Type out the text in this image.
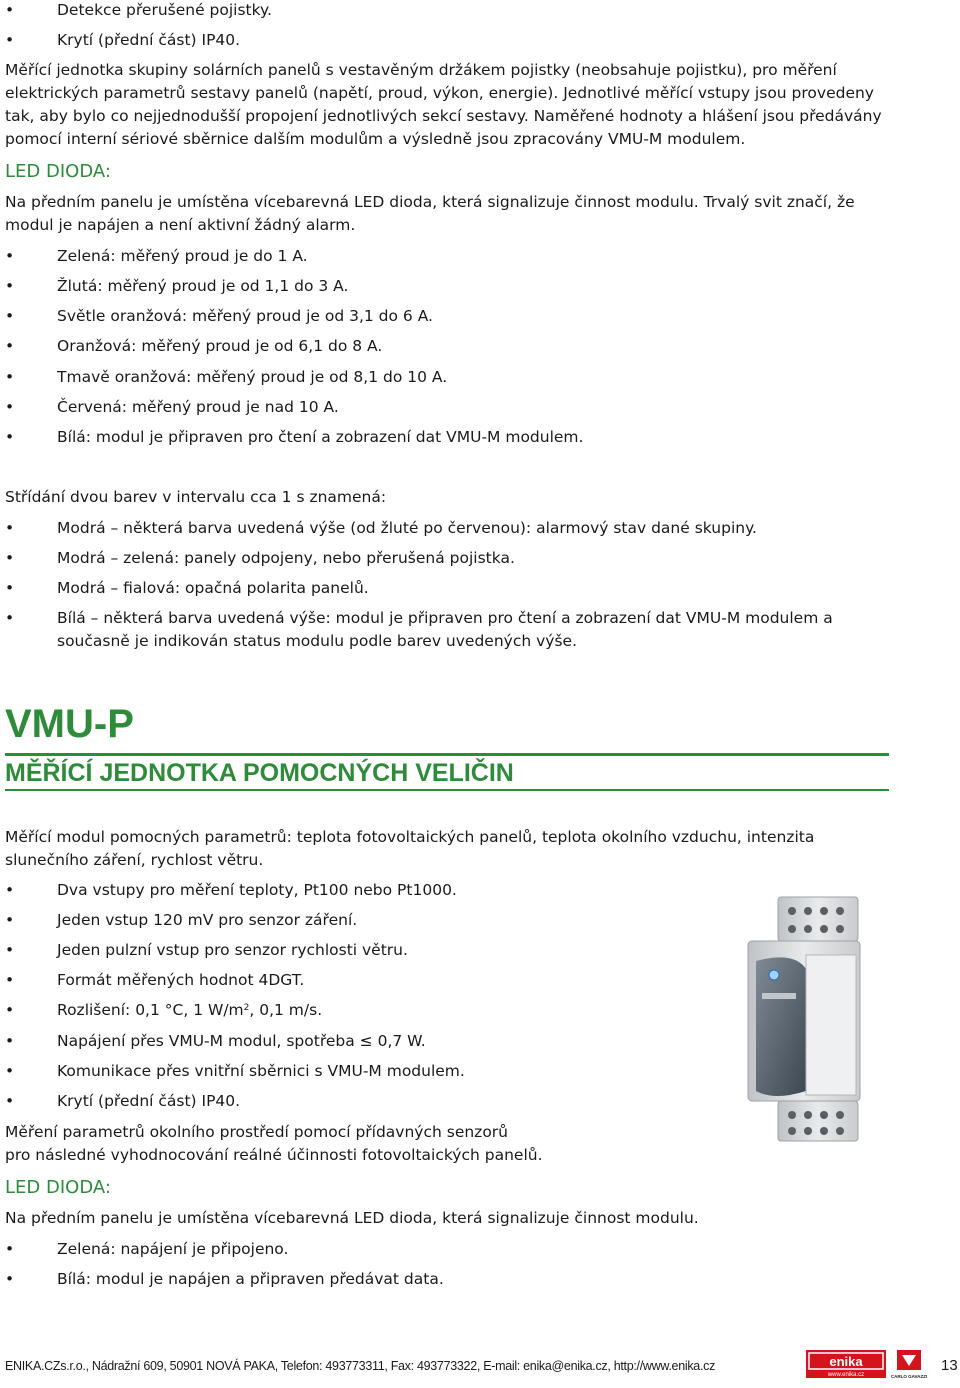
•	Detekce přerušené pojistky.
•	Krytí (přední část) IP40.

Měřící jednotka skupiny solárních panelů s vestavěným držákem pojistky (neobsahuje pojistku), pro měření elektrických parametrů sestavy panelů (napětí, proud, výkon, energie). Jednotlivé měřící vstupy jsou provedeny tak, aby bylo co nejjednodušší propojení jednotlivých sekcí sestavy. Naměřené hodnoty a hlášení jsou předávány pomocí interní sériové sběrnice dalším modulům a výsledně jsou zpracovány VMU-M modulem.

LED DIODA:

Na předním panelu je umístěna vícebarevná LED dioda, která signalizuje činnost modulu. Trvalý svit značí, že modul je napájen a není aktivní žádný alarm.

•	Zelená: měřený proud je do 1 A.
•	Žlutá: měřený proud je od 1,1 do 3 A.
•	Světle oranžová: měřený proud je od 3,1 do 6 A.
•	Oranžová: měřený proud je od 6,1 do 8 A.
•	Tmavě oranžová: měřený proud je od 8,1 do 10 A.
•	Červená: měřený proud je nad 10 A.
•	Bílá: modul je připraven pro čtení a zobrazení dat VMU-M modulem.

Střídání dvou barev v intervalu cca 1 s znamená:

•	Modrá – některá barva uvedená výše (od žluté po červenou): alarmový stav dané skupiny.
•	Modrá – zelená: panely odpojeny, nebo přerušená pojistka.
•	Modrá – fialová: opačná polarita panelů.
•	Bílá – některá barva uvedená výše: modul je připraven pro čtení a zobrazení dat VMU-M modulem a současně je indikován status modulu podle barev uvedených výše.
VMU-P
MĚŘÍCÍ JEDNOTKA POMOCNÝCH VELIČIN

Měřící modul pomocných parametrů: teplota fotovoltaických panelů, teplota okolního vzduchu, intenzita slunečního záření, rychlost větru.

•	Dva vstupy pro měření teploty, Pt100 nebo Pt1000.
•	Jeden vstup 120 mV pro senzor záření.
•	Jeden pulzní vstup pro senzor rychlosti větru.
•	Formát měřených hodnot 4DGT.
•	Rozlišení: 0,1 °C, 1 $W/m^2$, 0,1 m/s.
•	Napájení přes VMU-M modul, spotřeba ≤ 0,7 W.
•	Komunikace přes vnitřní sběrnici s VMU-M modulem.
•	Krytí (přední část) IP40.

Měření parametrů okolního prostředí pomocí přídavných senzorů
pro následné vyhodnocování reálné účinnosti fotovoltaických panelů.

LED DIODA:

Na předním panelu je umístěna vícebarevná LED dioda, která signalizuje činnost modulu.

•	Zelená: napájení je připojeno.
•	Bílá: modul je napájen a připraven předávat data.
ENIKA.CZs.r.o., Nádražní 609, 50901 NOVÁ PAKA, Telefon: 493773311, Fax: 493773322, E-mail: enika@enika.cz, http://www.enika.cz	enika
www.enika.cz	CARLO GAVAZZI
13
